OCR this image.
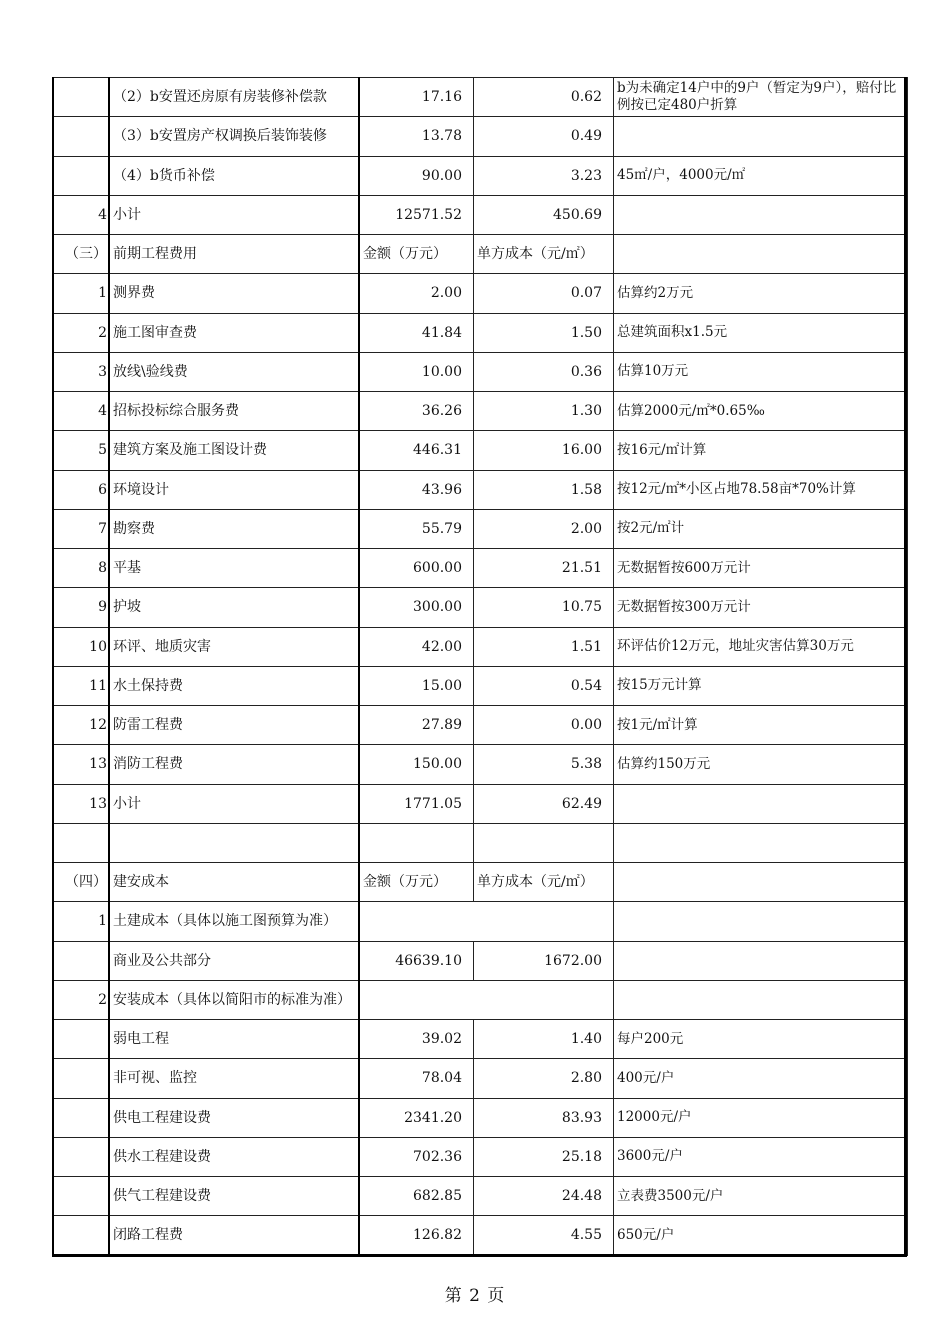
	（2）b安置还房原有房装修补偿款	17.16	0.62	b为未确定14户中的9户（暂定为9户），赔付比例按已定480户折算
	（3）b安置房产权调换后装饰装修	13.78	0.49	
	（4）b货币补偿	90.00	3.23	45㎡/户，4000元/㎡
4	小计	12571.52	450.69	
（三）	前期工程费用	金额（万元）	单方成本（元/㎡）	
1	测界费	2.00	0.07	估算约2万元
2	施工图审查费	41.84	1.50	总建筑面积x1.5元
3	放线\验线费	10.00	0.36	估算10万元
4	招标投标综合服务费	36.26	1.30	估算2000元/㎡*0.65‰
5	建筑方案及施工图设计费	446.31	16.00	按16元/㎡计算
6	环境设计	43.96	1.58	按12元/㎡*小区占地78.58亩*70%计算
7	勘察费	55.79	2.00	按2元/㎡计
8	平基	600.00	21.51	无数据暂按600万元计
9	护坡	300.00	10.75	无数据暂按300万元计
10	环评、地质灾害	42.00	1.51	环评估价12万元，地址灾害估算30万元
11	水土保持费	15.00	0.54	按15万元计算
12	防雷工程费	27.89	0.00	按1元/㎡计算
13	消防工程费	150.00	5.38	估算约150万元
13	小计	1771.05	62.49	

（四）	建安成本	金额（万元）	单方成本（元/㎡）	
1	土建成本（具体以施工图预算为准）			
	商业及公共部分	46639.10	1672.00	
2	安装成本（具体以简阳市的标准为准）			
	弱电工程	39.02	1.40	每户200元
	非可视、监控	78.04	2.80	400元/户
	供电工程建设费	2341.20	83.93	12000元/户
	供水工程建设费	702.36	25.18	3600元/户
	供气工程建设费	682.85	24.48	立表费3500元/户
	闭路工程费	126.82	4.55	650元/户
第 2 页
